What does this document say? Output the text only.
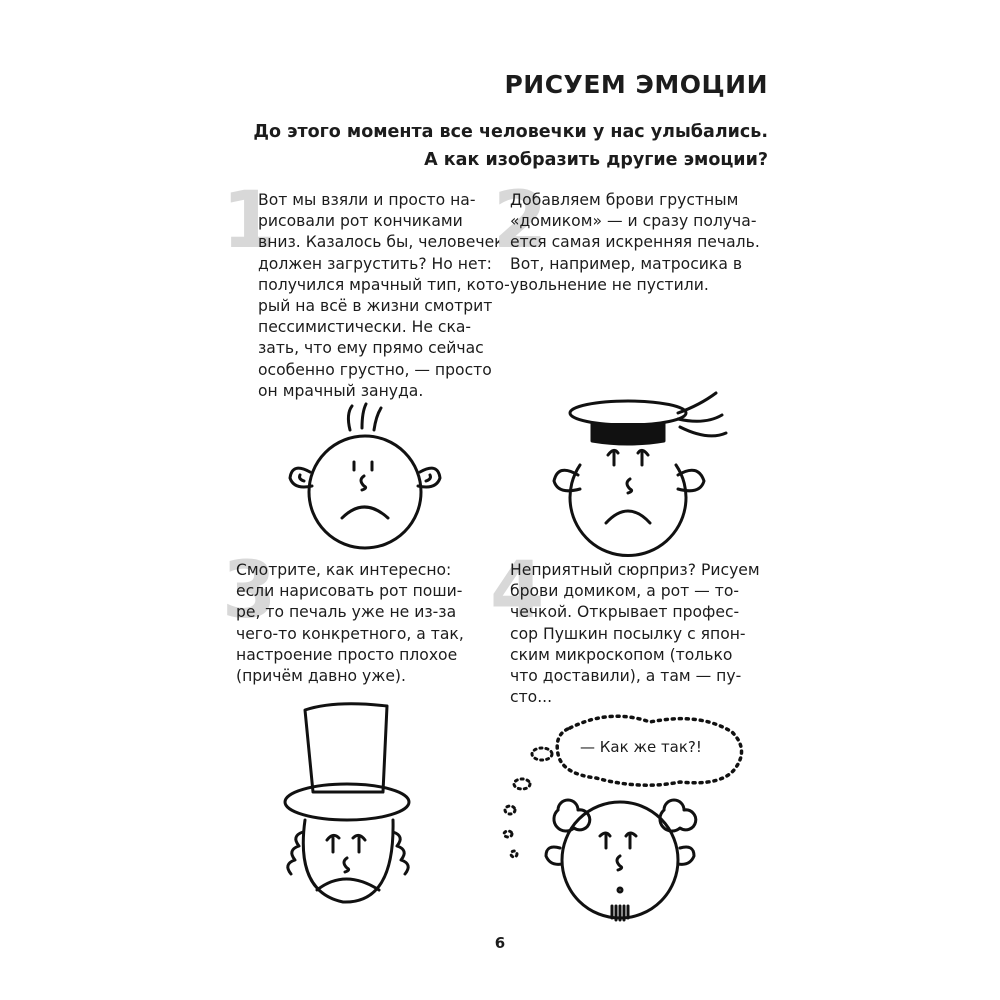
РИСУЕМ ЭМОЦИИ
До этого момента все человечки у нас улыбались.
А как изобразить другие эмоции?
1
Вот мы взяли и просто на-
рисовали рот кончиками
вниз. Казалось бы, человечек
должен загрустить? Но нет:
получился мрачный тип, кото-
рый на всё в жизни смотрит
пессимистически. Не ска-
зать, что ему прямо сейчас
особенно грустно, — просто
он мрачный зануда.
2
Добавляем брови грустным
«домиком» — и сразу получа-
ется самая искренняя печаль.
Вот, например, матросика в
увольнение не пустили.
3
Смотрите, как интересно:
если нарисовать рот поши-
ре, то печаль уже не из-за
чего-то конкретного, а так,
настроение просто плохое
(причём давно уже).
4
Неприятный сюрприз? Рисуем
брови домиком, а рот — то-
чечкой. Открывает профес-
сор Пушкин посылку с япон-
ским микроскопом (только
что доставили), а там — пу-
сто...
— Как же так?!
6
